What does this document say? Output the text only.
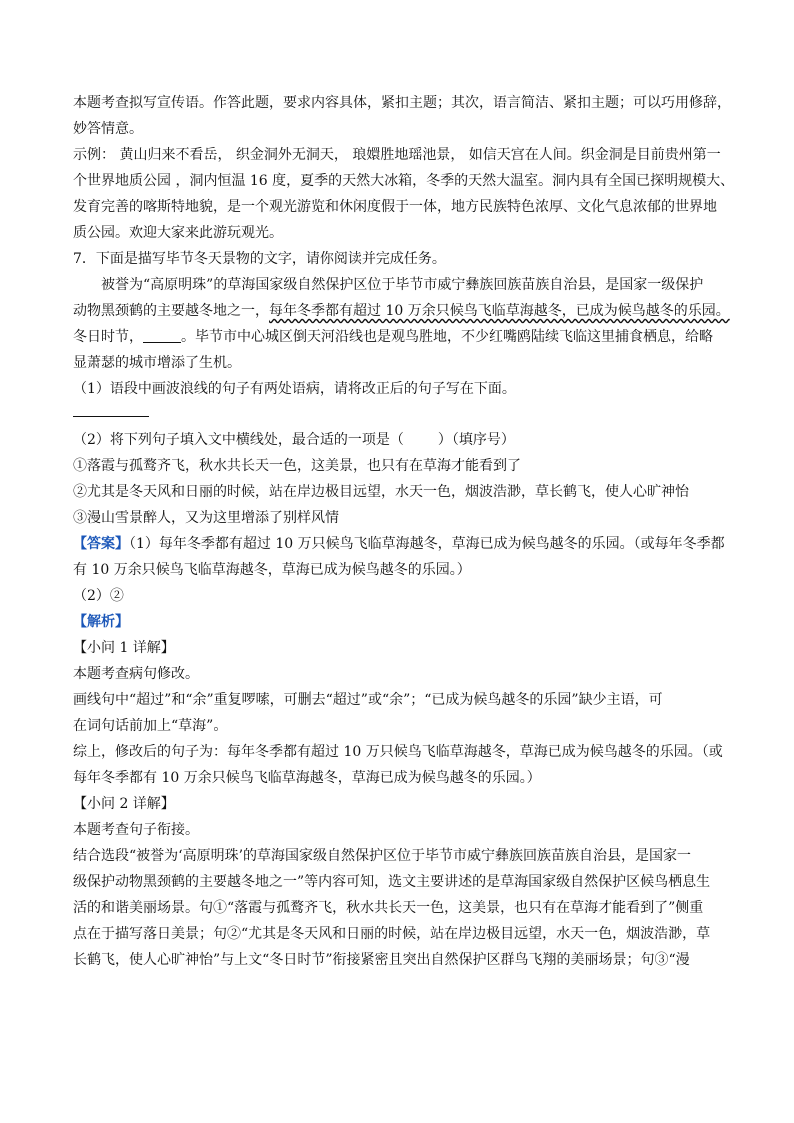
本题考查拟写宣传语。作答此题，要求内容具体，紧扣主题；其次，语言简洁、紧扣主题；可以巧用修辞，
妙答情意。
示例： 黄山归来不看岳， 织金洞外无洞天， 琅嬛胜地瑶池景， 如信天宫在人间。织金洞是目前贵州第一
个世界地质公园 ，洞内恒温 16 度，夏季的天然大冰箱，冬季的天然大温室。洞内具有全国已探明规模大、
发育完善的喀斯特地貌，是一个观光游览和休闲度假于一体，地方民族特色浓厚、文化气息浓郁的世界地
质公园。欢迎大家来此游玩观光。
7．下面是描写毕节冬天景物的文字，请你阅读并完成任务。
被誉为“高原明珠”的草海国家级自然保护区位于毕节市威宁彝族回族苗族自治县，是国家一级保护
动物黑颈鹤的主要越冬地之一，每年冬季都有超过 10 万余只候鸟飞临草海越冬，已成为候鸟越冬的乐园。
冬日时节，	。毕节市中心城区倒天河沿线也是观鸟胜地，不少红嘴鸥陆续飞临这里捕食栖息，给略
显萧瑟的城市增添了生机。
（1）语段中画波浪线的句子有两处语病，请将改正后的句子写在下面。
（2）将下列句子填入文中横线处，最合适的一项是（ ）（填序号）
①落霞与孤鹜齐飞，秋水共长天一色，这美景，也只有在草海才能看到了
②尤其是冬天风和日丽的时候，站在岸边极目远望，水天一色，烟波浩渺，草长鹤飞，使人心旷神怡
③漫山雪景醉人，又为这里增添了别样风情
【答案】（1）每年冬季都有超过 10 万只候鸟飞临草海越冬，草海已成为候鸟越冬的乐园。（或每年冬季都
有 10 万余只候鸟飞临草海越冬，草海已成为候鸟越冬的乐园。）
（2）②
【解析】
【小问 1 详解】
本题考查病句修改。
画线句中“超过”和“余”重复啰嗦，可删去“超过”或“余”；“已成为候鸟越冬的乐园”缺少主语，可
在词句话前加上“草海”。
综上，修改后的句子为：每年冬季都有超过 10 万只候鸟飞临草海越冬，草海已成为候鸟越冬的乐园。（或
每年冬季都有 10 万余只候鸟飞临草海越冬，草海已成为候鸟越冬的乐园。）
【小问 2 详解】
本题考查句子衔接。
结合选段“被誉为‘高原明珠’的草海国家级自然保护区位于毕节市威宁彝族回族苗族自治县，是国家一
级保护动物黑颈鹤的主要越冬地之一”等内容可知，选文主要讲述的是草海国家级自然保护区候鸟栖息生
活的和谐美丽场景。句①“落霞与孤鹜齐飞，秋水共长天一色，这美景，也只有在草海才能看到了”侧重
点在于描写落日美景；句②“尤其是冬天风和日丽的时候，站在岸边极目远望，水天一色，烟波浩渺，草
长鹤飞，使人心旷神怡”与上文“冬日时节”衔接紧密且突出自然保护区群鸟飞翔的美丽场景；句③“漫
